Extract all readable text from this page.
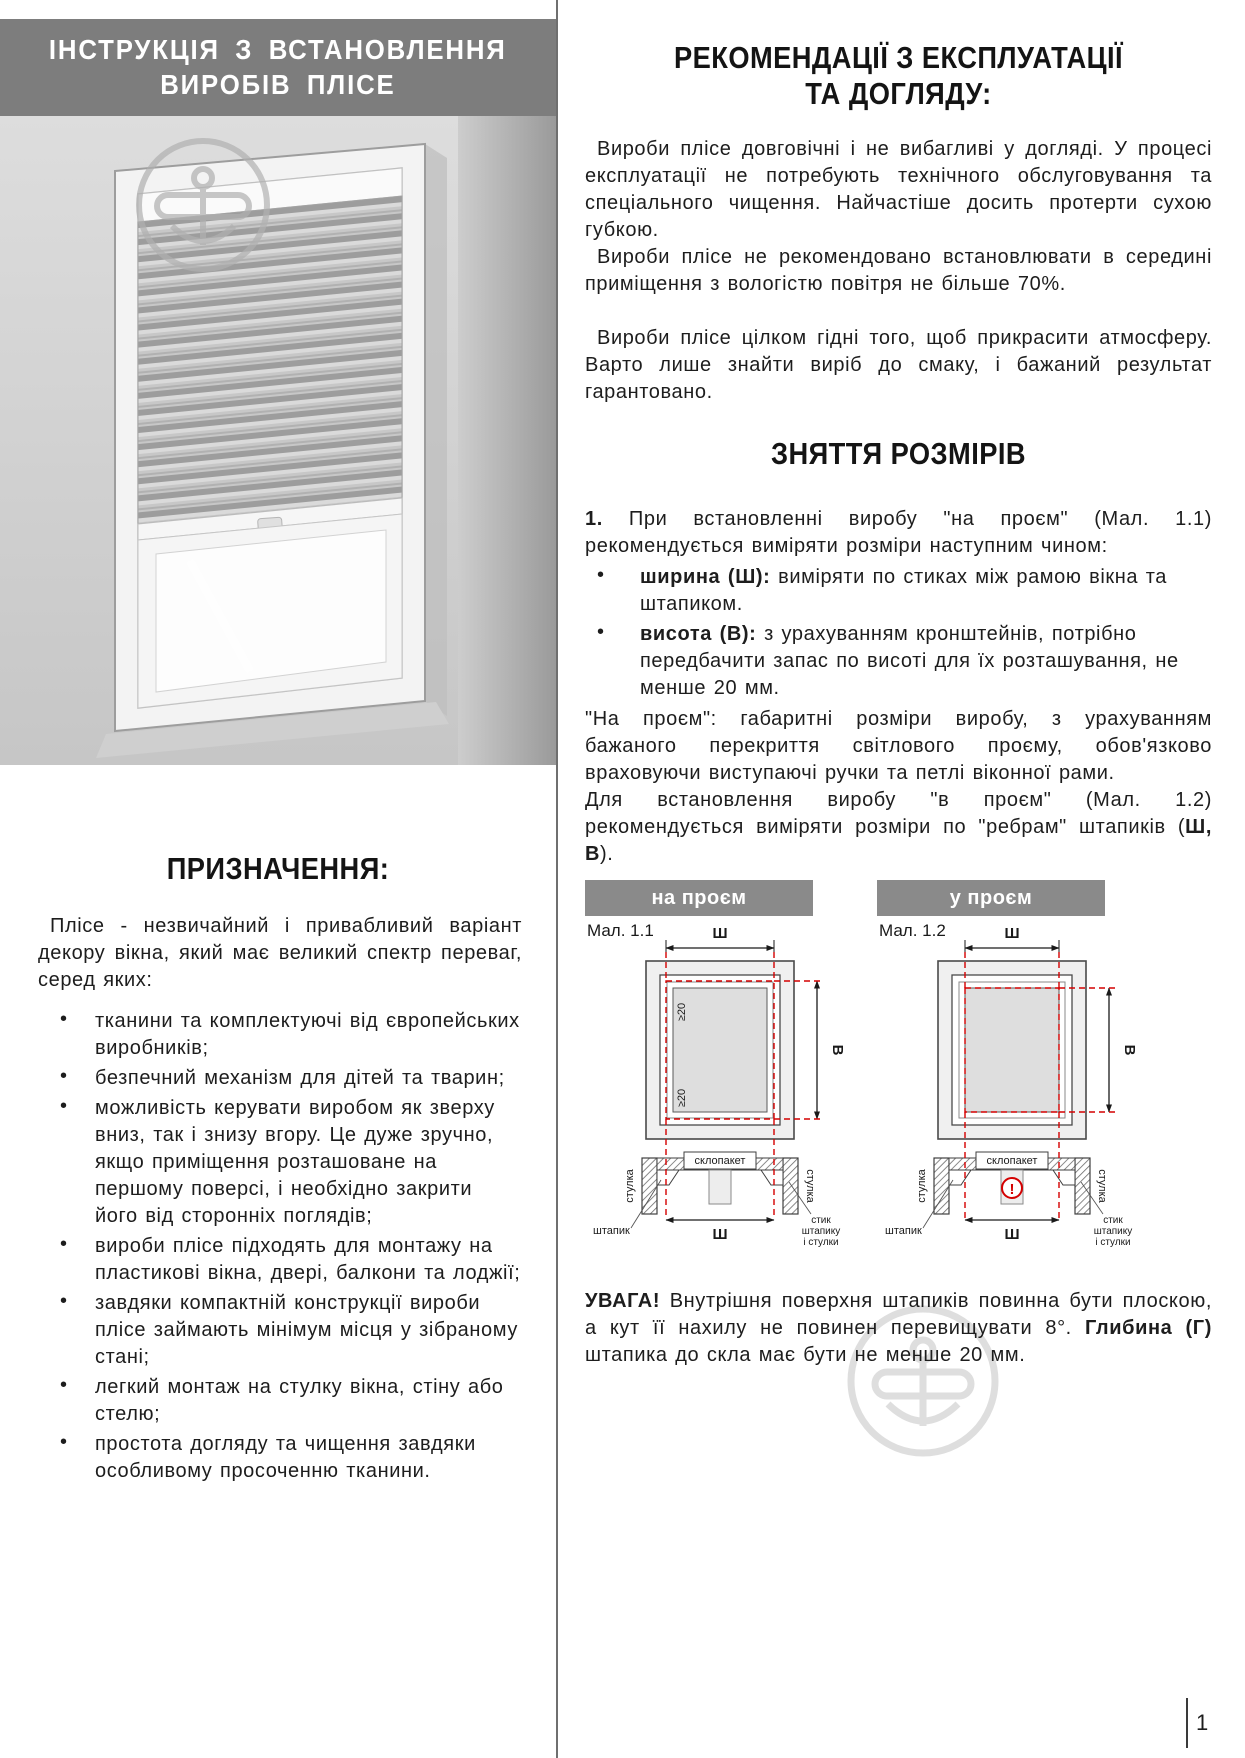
ІНСТРУКЦІЯ З ВСТАНОВЛЕННЯ
ВИРОБІВ ПЛІСЕ
ПРИЗНАЧЕННЯ:

Плісе - незвичайний і привабливий варіант декору вікна, який має великий спектр переваг, серед яких:

• тканини та комплектуючі від європейських виробників;
• безпечний механізм для дітей та тварин;
• можливість керувати виробом як зверху вниз, так і знизу вгору. Це дуже зручно, якщо приміщення розташоване на першому поверсі, і необхідно закрити його від сторонніх поглядів;
• вироби плісе підходять для монтажу на пластикові вікна, двері, балкони та лоджії;
• завдяки компактній конструкції вироби плісе займають мінімум місця у зібраному стані;
• легкий монтаж на стулку вікна, стіну або стелю;
• простота догляду та чищення завдяки особливому просоченню тканини.
РЕКОМЕНДАЦІЇ З ЕКСПЛУАТАЦІЇ
ТА ДОГЛЯДУ:

Вироби плісе довговічні і не вибагливі у догляді. У процесі експлуатації не потребують технічного обслуговування та спеціального чищення. Найчастіше досить протерти сухою губкою.

Вироби плісе не рекомендовано встановлювати в середині приміщення з вологістю повітря не більше 70%.

Вироби плісе цілком гідні того, щоб прикрасити атмосферу. Варто лише знайти виріб до смаку, і бажаний результат гарантовано.

ЗНЯТТЯ РОЗМІРІВ

1. При встановленні виробу "на проєм" (Мал. 1.1) рекомендується виміряти розміри наступним чином:

• ширина (Ш): виміряти по стиках між рамою вікна та штапиком.
• висота (В): з урахуванням кронштейнів, потрібно передбачити запас по висоті для їх розташування, не менше 20 мм.

"На проєм": габаритні розміри виробу, з урахуванням бажаного перекриття світлового проєму, обов'язково враховуючи виступаючі ручки та петлі віконної рами.

Для встановлення виробу "в проєм" (Мал. 1.2) рекомендується виміряти розміри по "ребрам" штапиків (Ш, В).

на проєм
Мал. 1.1
склопакет
Ш
В
≥20
≥20
Ш
стулка	стулка
штапик
стик
штапику
і стулки
у проєм
Мал. 1.2
склопакет
Ш
В
Ш
!
стулка	стулка
штапик
стик
штапику
і стулки

УВАГА! Внутрішня поверхня штапиків повинна бути плоскою, а кут її нахилу не повинен перевищувати 8°. Глибина (Г) штапика до скла має бути не менше 20 мм.

1
